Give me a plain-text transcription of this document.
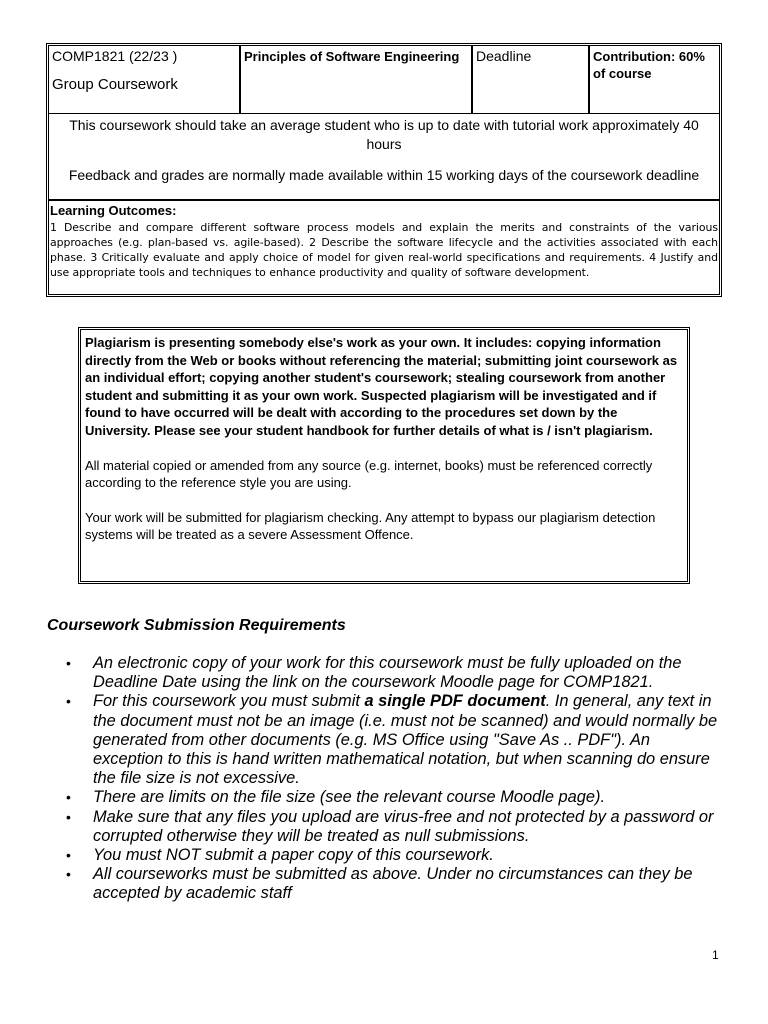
COMP1821 (22/23 )
Group Coursework
Principles of Software Engineering	Deadline	Contribution: 60% of course
This coursework should take an average student who is up to date with tutorial work approximately 40 hours
Feedback and grades are normally made available within 15 working days of the coursework deadline
Learning Outcomes:
1 Describe and compare different software process models and explain the merits and constraints of the various approaches (e.g. plan-based vs. agile-based). 2 Describe the software lifecycle and the activities associated with each phase. 3 Critically evaluate and apply choice of model for given real-world specifications and requirements. 4 Justify and use appropriate tools and techniques to enhance productivity and quality of software development.
Plagiarism is presenting somebody else's work as your own. It includes: copying information directly from the Web or books without referencing the material; submitting joint coursework as an individual effort; copying another student's coursework; stealing coursework from another student and submitting it as your own work. Suspected plagiarism will be investigated and if found to have occurred will be dealt with according to the procedures set down by the University. Please see your student handbook for further details of what is / isn't plagiarism.
All material copied or amended from any source (e.g. internet, books) must be referenced correctly according to the reference style you are using.
Your work will be submitted for plagiarism checking. Any attempt to bypass our plagiarism detection systems will be treated as a severe Assessment Offence.
Coursework Submission Requirements
• An electronic copy of your work for this coursework must be fully uploaded on the Deadline Date using the link on the coursework Moodle page for COMP1821.
• For this coursework you must submit a single PDF document. In general, any text in the document must not be an image (i.e. must not be scanned) and would normally be generated from other documents (e.g. MS Office using "Save As .. PDF"). An exception to this is hand written mathematical notation, but when scanning do ensure the file size is not excessive.
• There are limits on the file size (see the relevant course Moodle page).
• Make sure that any files you upload are virus-free and not protected by a password or corrupted otherwise they will be treated as null submissions.
• You must NOT submit a paper copy of this coursework.
• All courseworks must be submitted as above. Under no circumstances can they be accepted by academic staff
1
